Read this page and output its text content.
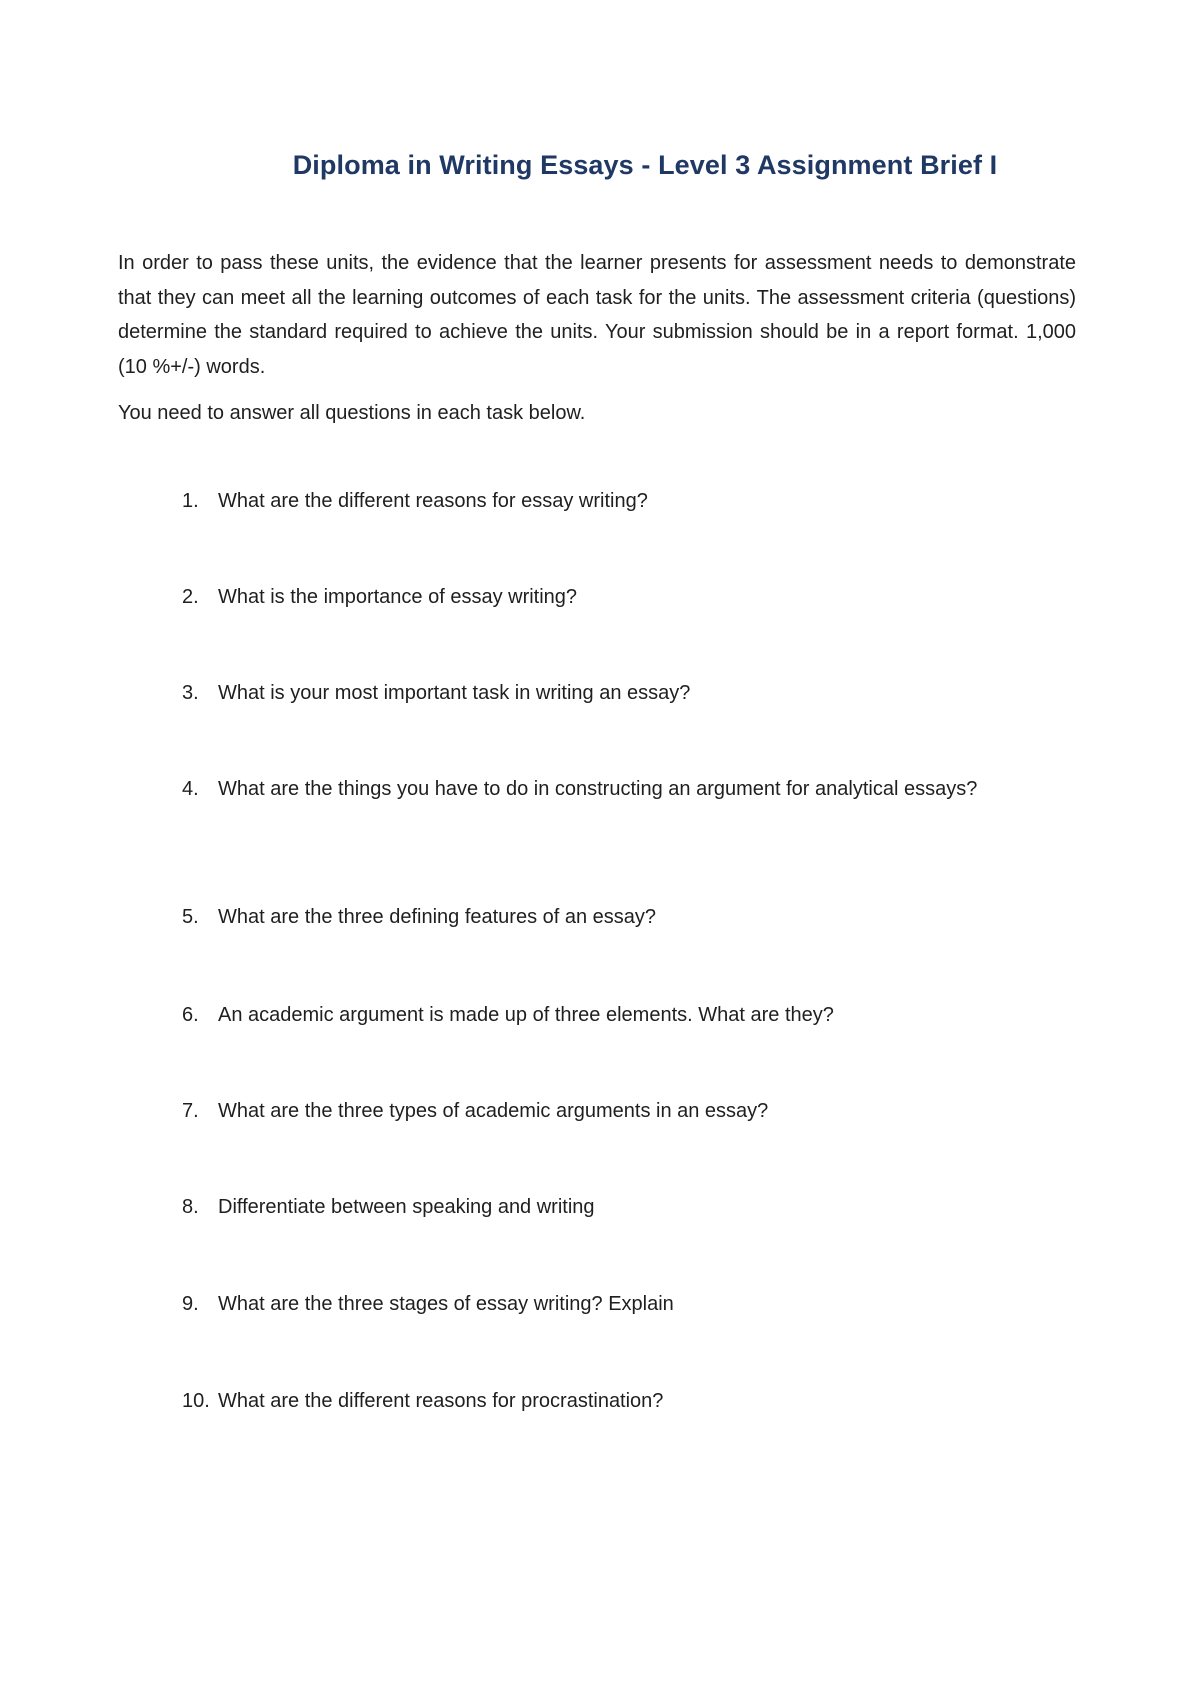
Diploma in Writing Essays - Level 3 Assignment Brief I

In order to pass these units, the evidence that the learner presents for assessment needs to demonstrate that they can meet all the learning outcomes of each task for the units. The assessment criteria (questions) determine the standard required to achieve the units. Your submission should be in a report format. 1,000 (10 %+/-) words.

You need to answer all questions in each task below.

1. What are the different reasons for essay writing?
2. What is the importance of essay writing?
3. What is your most important task in writing an essay?
4. What are the things you have to do in constructing an argument for analytical essays?
5. What are the three defining features of an essay?
6. An academic argument is made up of three elements. What are they?
7. What are the three types of academic arguments in an essay?
8. Differentiate between speaking and writing
9. What are the three stages of essay writing? Explain
10. What are the different reasons for procrastination?
